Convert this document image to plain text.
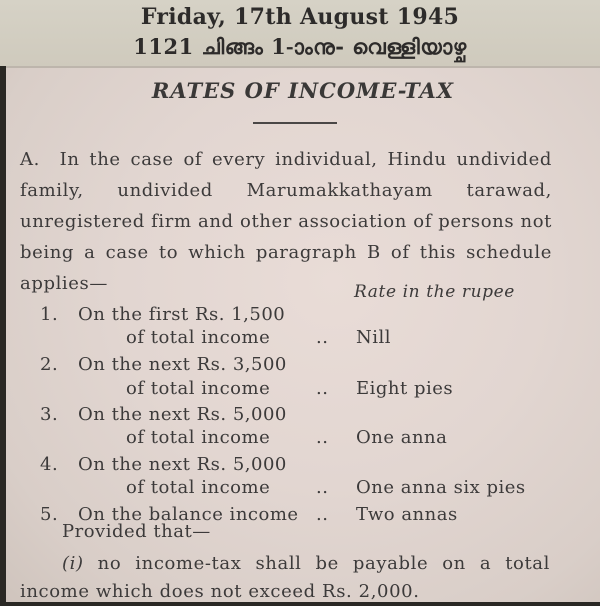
Friday, 17th August 1945
1121 ചിങ്ങം 1-ാംനു- വെള്ളിയാഴ്ച
RATES OF INCOME-TAX
A. In the case of every individual, Hindu undivided family, undivided Marumakkathayam tarawad, unregistered firm and other association of persons not being a case to which paragraph B of this schedule applies—	Rate in the rupee
1. On the first Rs. 1,500
of total income	.. Nill
2. On the next Rs. 3,500
of total income	.. Eight pies
3. On the next Rs. 5,000
of total income	.. One anna
4. On the next Rs. 5,000
of total income	.. One anna six pies
5. On the balance income .. Two annas
Provided that—
(i) no income-tax shall be payable on a total income which does not exceed Rs. 2,000.
